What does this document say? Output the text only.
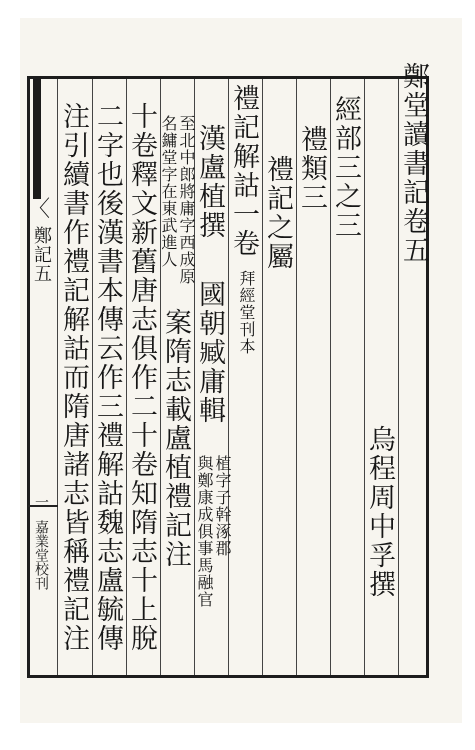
〈

鄭記五

一

嘉業堂校刊

鄭堂讀書記卷五

烏程周中孚撰

經部三之三

禮類三

禮記之屬

禮記解詁一卷

拜經堂刊本

漢盧植撰

國朝臧庸輯

植字子幹涿郡

與鄭康成俱事馬融官

至北中郎將庸字西成原

名鏞堂字在東武進人

案隋志載盧植禮記注

十卷釋文新舊唐志俱作二十卷知隋志十上脫

二字也後漢書本傳云作三禮解詁魏志盧毓傳

注引續書作禮記解詁而隋唐諸志皆稱禮記注
